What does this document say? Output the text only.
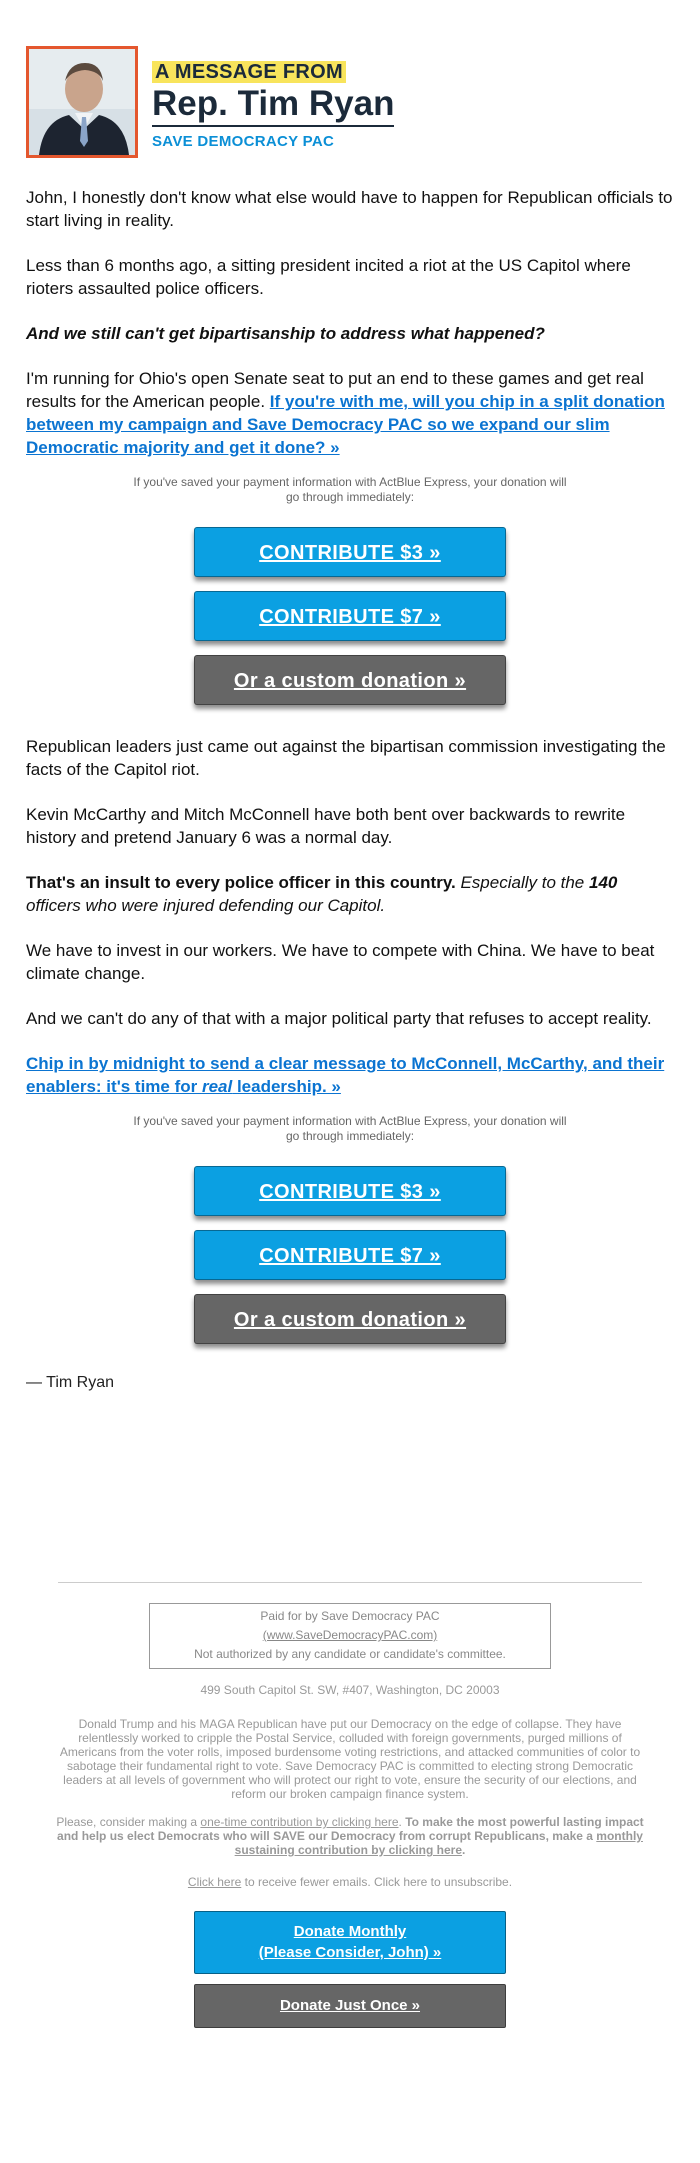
A MESSAGE FROM
Rep. Tim Ryan
SAVE DEMOCRACY PAC

John, I honestly don't know what else would have to happen for Republican officials to start living in reality.

Less than 6 months ago, a sitting president incited a riot at the US Capitol where rioters assaulted police officers.

And we still can't get bipartisanship to address what happened?

I'm running for Ohio's open Senate seat to put an end to these games and get real results for the American people. If you're with me, will you chip in a split donation between my campaign and Save Democracy PAC so we expand our slim Democratic majority and get it done? »

If you've saved your payment information with ActBlue Express, your donation will go through immediately:
CONTRIBUTE $3 »
CONTRIBUTE $7 »
Or a custom donation »

Republican leaders just came out against the bipartisan commission investigating the facts of the Capitol riot.

Kevin McCarthy and Mitch McConnell have both bent over backwards to rewrite history and pretend January 6 was a normal day.

That's an insult to every police officer in this country. Especially to the 140 officers who were injured defending our Capitol.

We have to invest in our workers. We have to compete with China. We have to beat climate change.

And we can't do any of that with a major political party that refuses to accept reality.

Chip in by midnight to send a clear message to McConnell, McCarthy, and their enablers: it's time for real leadership. »

If you've saved your payment information with ActBlue Express, your donation will go through immediately:
CONTRIBUTE $3 »
CONTRIBUTE $7 »
Or a custom donation »

— Tim Ryan

Paid for by Save Democracy PAC
(www.SaveDemocracyPAC.com)
Not authorized by any candidate or candidate's committee.
499 South Capitol St. SW, #407, Washington, DC 20003
Donald Trump and his MAGA Republican have put our Democracy on the edge of collapse. They have relentlessly worked to cripple the Postal Service, colluded with foreign governments, purged millions of Americans from the voter rolls, imposed burdensome voting restrictions, and attacked communities of color to sabotage their fundamental right to vote. Save Democracy PAC is committed to electing strong Democratic leaders at all levels of government who will protect our right to vote, ensure the security of our elections, and reform our broken campaign finance system.
Please, consider making a one-time contribution by clicking here. To make the most powerful lasting impact and help us elect Democrats who will SAVE our Democracy from corrupt Republicans, make a monthly sustaining contribution by clicking here.
Click here to receive fewer emails. Click here to unsubscribe.
Donate Monthly
(Please Consider, John) »
Donate Just Once »
